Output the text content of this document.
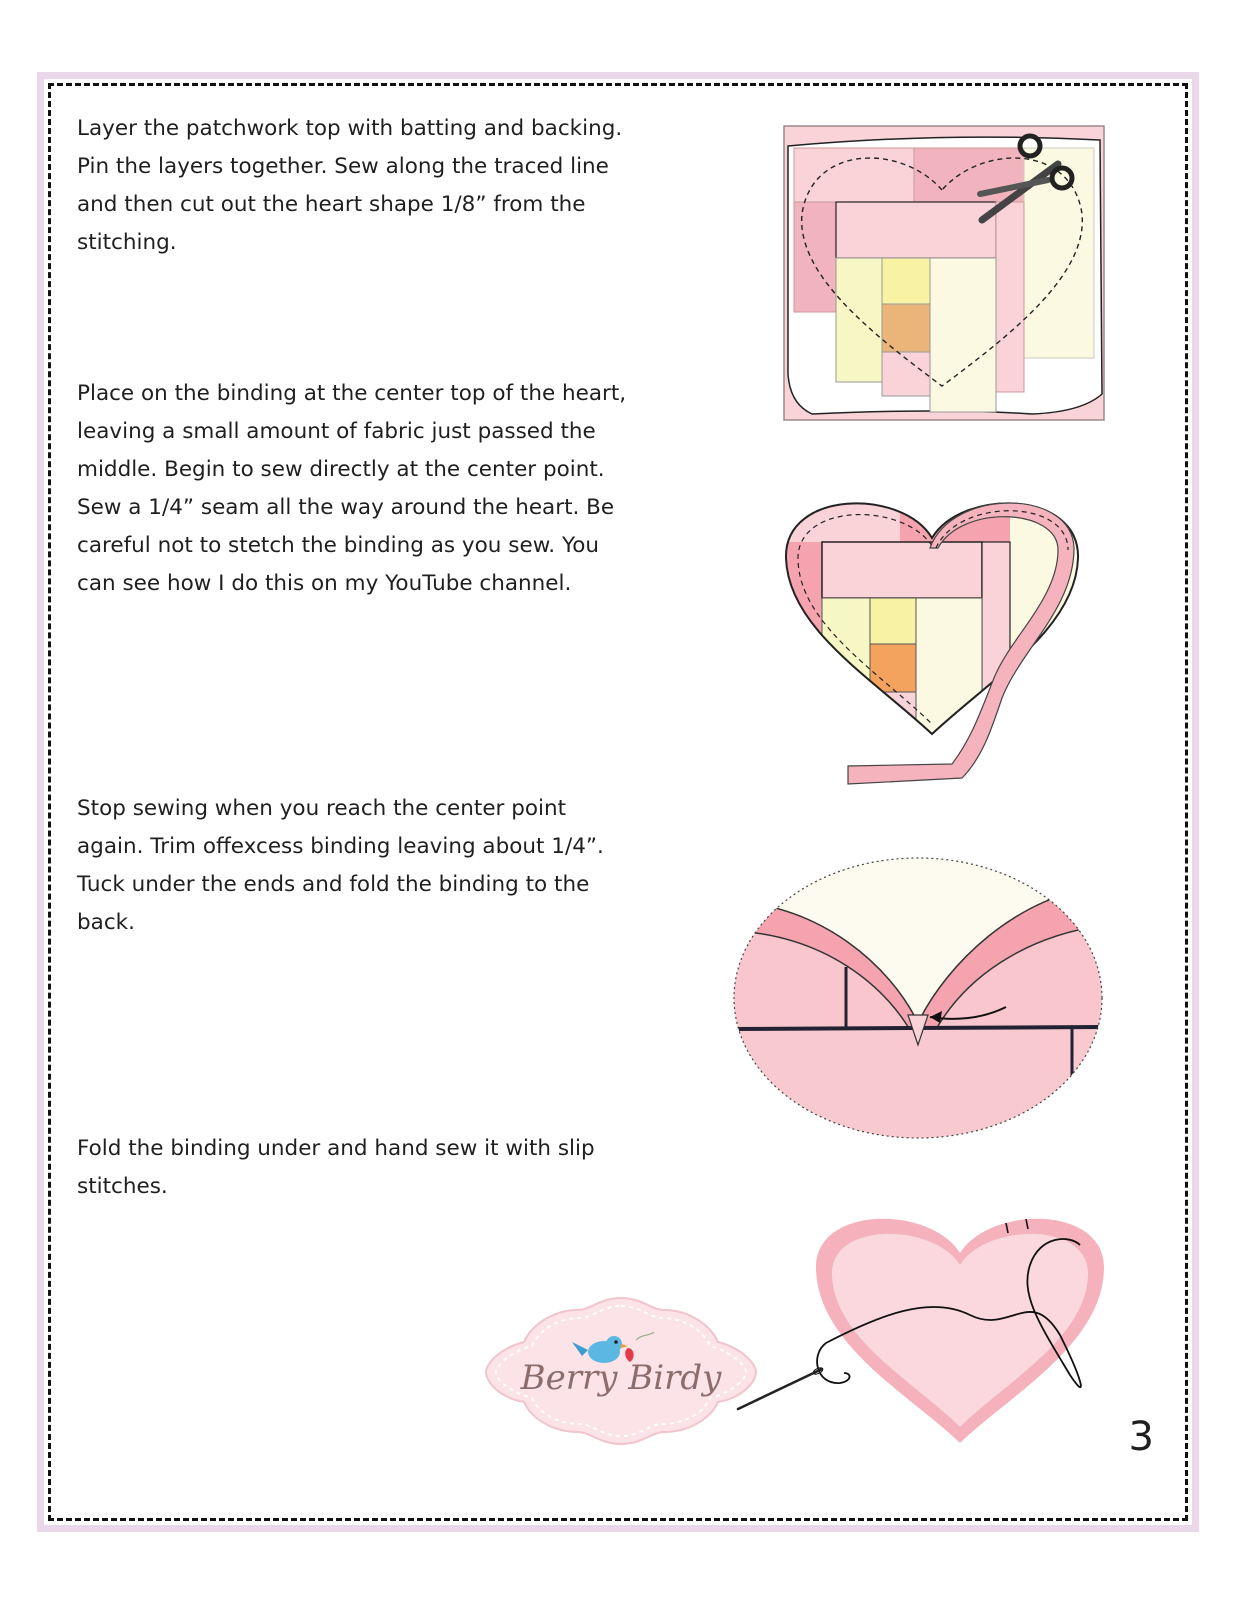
Layer the patchwork top with batting and backing. Pin the layers together. Sew along the traced line and then cut out the heart shape 1/8” from the stitching.

Place on the binding at the center top of the heart, leaving a small amount of fabric just passed the middle. Begin to sew directly at the center point. Sew a 1/4” seam all the way around the heart. Be careful not to stetch the binding as you sew. You can see how I do this on my YouTube channel.

Stop sewing when you reach the center point again. Trim offexcess binding leaving about 1/4”. Tuck under the ends and fold the binding to the back.

Fold the binding under and hand sew it with slip stitches.

Berry Birdy
3
